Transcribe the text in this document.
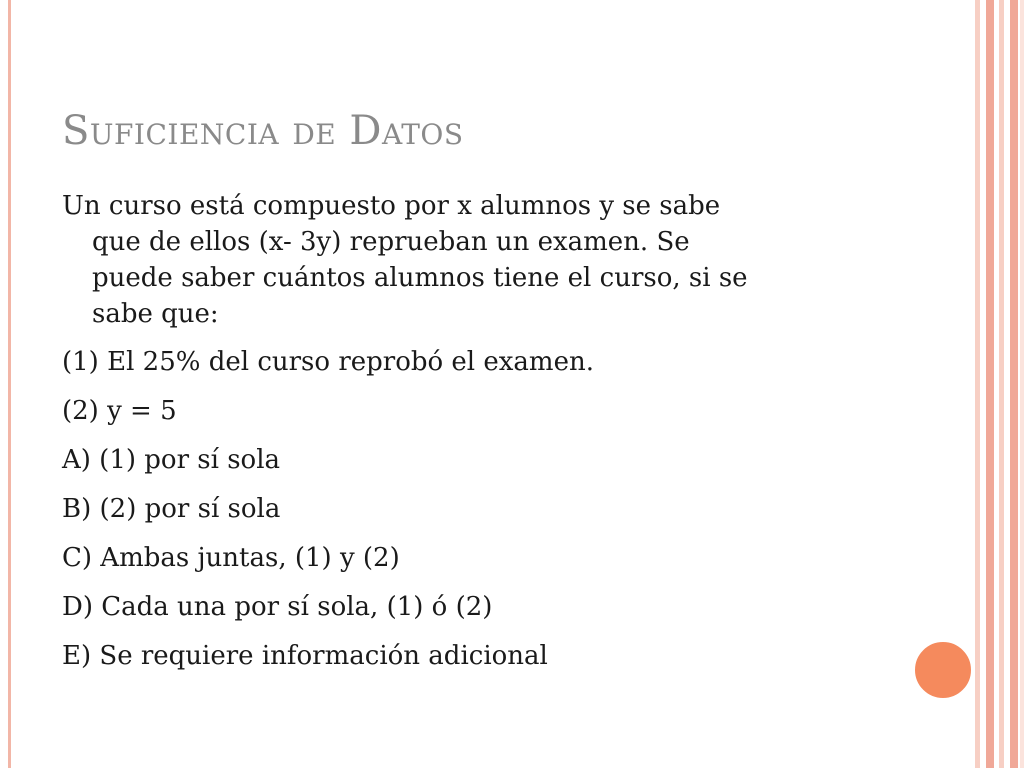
Suficiencia de Datos

Un curso está compuesto por x alumnos y se sabe

que de ellos (x- 3y) reprueban un examen. Se

puede saber cuántos alumnos tiene el curso, si se

sabe que:

(1) El 25% del curso reprobó el examen.

(2) y = 5

A) (1) por sí sola

B) (2) por sí sola

C) Ambas juntas, (1) y (2)

D) Cada una por sí sola, (1) ó (2)

E) Se requiere información adicional
